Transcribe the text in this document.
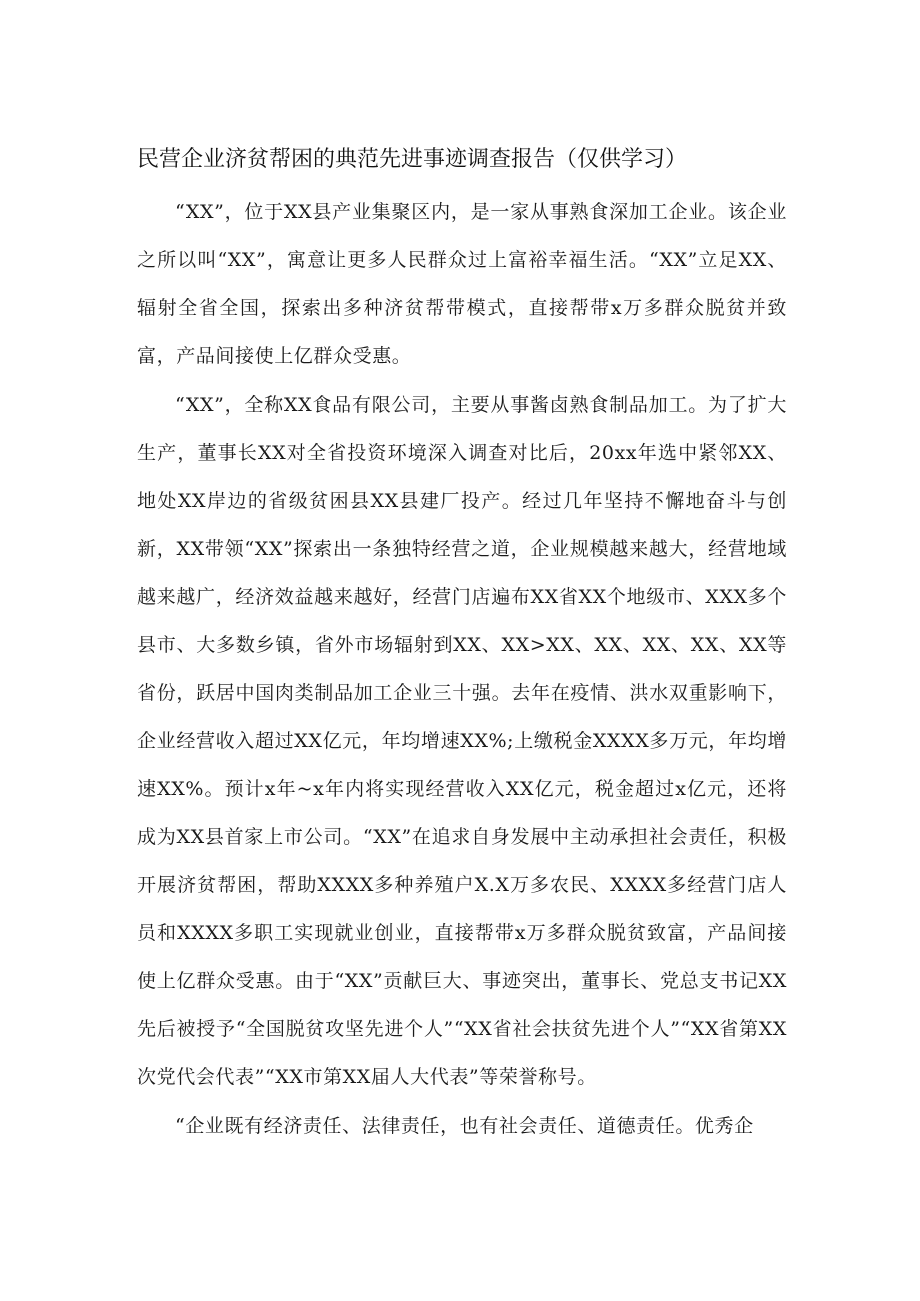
民营企业济贫帮困的典范先进事迹调查报告（仅供学习）

“XX”，位于XX县产业集聚区内，是一家从事熟食深加工企业。该企业之所以叫“XX”，寓意让更多人民群众过上富裕幸福生活。“XX”立足XX、辐射全省全国，探索出多种济贫帮带模式，直接帮带x万多群众脱贫并致富，产品间接使上亿群众受惠。

“XX”，全称XX食品有限公司，主要从事酱卤熟食制品加工。为了扩大生产，董事长XX对全省投资环境深入调查对比后，20xx年选中紧邻XX、地处XX岸边的省级贫困县XX县建厂投产。经过几年坚持不懈地奋斗与创新，XX带领“XX”探索出一条独特经营之道，企业规模越来越大，经营地域越来越广，经济效益越来越好，经营门店遍布XX省XX个地级市、XXX多个县市、大多数乡镇，省外市场辐射到XX、XX>XX、XX、XX、XX、XX等省份，跃居中国肉类制品加工企业三十强。去年在疫情、洪水双重影响下，企业经营收入超过XX亿元，年均增速XX%;上缴税金XXXX多万元，年均增速XX%。预计x年~x年内将实现经营收入XX亿元，税金超过x亿元，还将成为XX县首家上市公司。“XX”在追求自身发展中主动承担社会责任，积极开展济贫帮困，帮助XXXX多种养殖户X.X万多农民、XXXX多经营门店人员和XXXX多职工实现就业创业，直接帮带x万多群众脱贫致富，产品间接使上亿群众受惠。由于“XX”贡献巨大、事迹突出，董事长、党总支书记XX先后被授予“全国脱贫攻坚先进个人”“XX省社会扶贫先进个人”“XX省第XX次党代会代表”“XX市第XX届人大代表”等荣誉称号。

“企业既有经济责任、法律责任，也有社会责任、道德责任。优秀企
